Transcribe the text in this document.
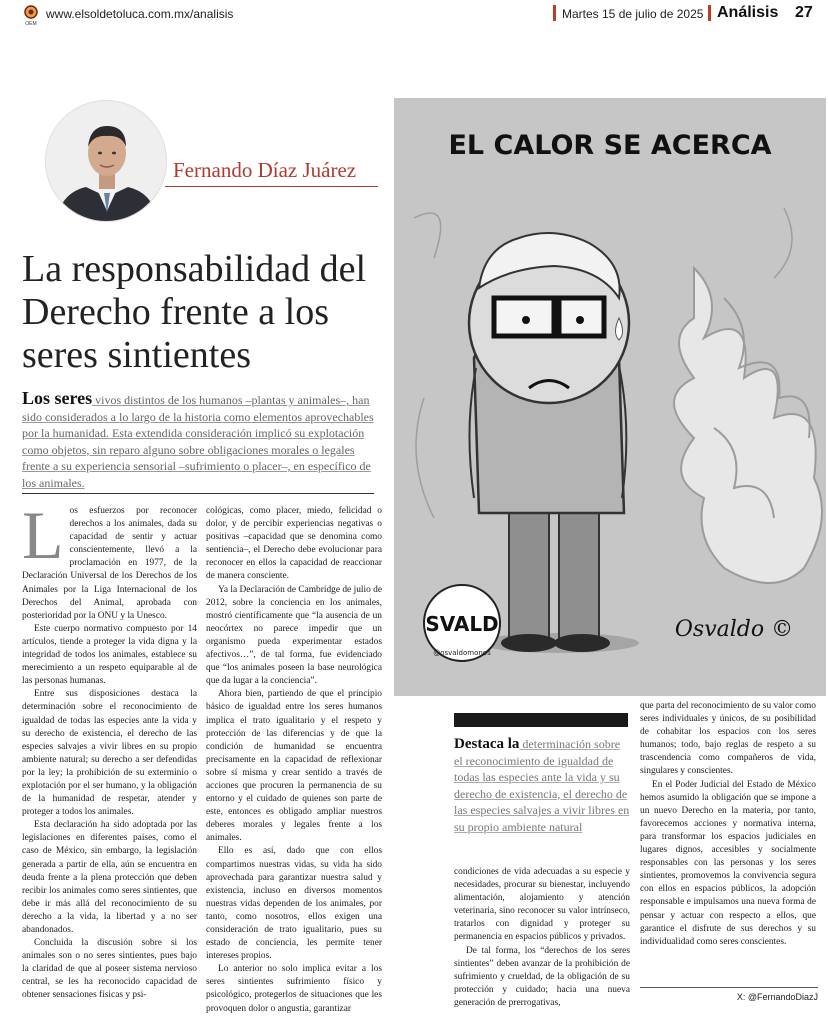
OEM
www.elsoldetoluca.com.mx/analisis	Martes 15 de julio de 2025 Análisis 27
Fernando Díaz Juárez
La responsabilidad del Derecho frente a los seres sintientes
Los seres vivos distintos de los humanos –plantas y animales–, han sido considerados a lo largo de la historia como elementos aprovechables por la humanidad. Esta extendida consideración implicó su explotación como objetos, sin reparo alguno sobre obligaciones morales o legales frente a su experiencia sensorial –sufrimiento o placer–, en específico de los animales.
L os esfuerzos por reconocer derechos a los animales, dada su capacidad de sentir y actuar conscientemente, llevó a la proclamación en 1977, de la Declaración Universal de los Derechos de los Animales por la Liga Internacional de los Derechos del Animal, aprobada con posterioridad por la ONU y la Unesco.

Este cuerpo normativo compuesto por 14 artículos, tiende a proteger la vida digna y la integridad de todos los animales, establece su merecimiento a un respeto equiparable al de las personas humanas.

Entre sus disposiciones destaca la determinación sobre el reconocimiento de igualdad de todas las especies ante la vida y su derecho de existencia, el derecho de las especies salvajes a vivir libres en su propio ambiente natural; su derecho a ser defendidas por la ley; la prohibición de su exterminio o explotación por el ser humano, y la obligación de la humanidad de respetar, atender y proteger a todos los animales.

Esta declaración ha sido adoptada por las legislaciones en diferentes países, como el caso de México, sin embargo, la legislación generada a partir de ella, aún se encuentra en deuda frente a la plena protección que deben recibir los animales como seres sintientes, que debe ir más allá del reconocimiento de su derecho a la vida, la libertad y a no ser abandonados.

Concluida la discusión sobre si los animales son o no seres sintientes, pues bajo la claridad de que al poseer sistema nervioso central, se les ha reconocido capacidad de obtener sensaciones físicas y psi-

cológicas, como placer, miedo, felicidad o dolor, y de percibir experiencias negativas o positivas –capacidad que se denomina como sentiencia–, el Derecho debe evolucionar para reconocer en ellos la capacidad de reaccionar de manera consciente.

Ya la Declaración de Cambridge de julio de 2012, sobre la conciencia en los animales, mostró científicamente que “la ausencia de un neocórtex no parece impedir que un organismo pueda experimentar estados afectivos…”, de tal forma, fue evidenciado que “los animales poseen la base neurológica que da lugar a la conciencia”.

Ahora bien, partiendo de que el principio básico de igualdad entre los seres humanos implica el trato igualitario y el respeto y protección de las diferencias y de que la condición de humanidad se encuentra precisamente en la capacidad de reflexionar sobre sí misma y crear sentido a través de acciones que procuren la permanencia de su entorno y el cuidado de quienes son parte de este, entonces es obligado ampliar nuestros deberes morales y legales frente a los animales.

Ello es así, dado que con ellos compartimos nuestras vidas, su vida ha sido aprovechada para garantizar nuestra salud y existencia, incluso en diversos momentos nuestras vidas dependen de los animales, por tanto, como nosotros, ellos exigen una consideración de trato igualitario, pues su estado de conciencia, les permite tener intereses propios.

Lo anterior no solo implica evitar a los seres sintientes sufrimiento físico y psicológico, protegerlos de situaciones que les provoquen dolor o angustia, garantizar

EL CALOR SE ACERCA
SVALD
@osvaldomonos
Osvaldo ©
Destaca la determinación sobre el reconocimiento de igualdad de todas las especies ante la vida y su derecho de existencia, el derecho de las especies salvajes a vivir libres en su propio ambiente natural

condiciones de vida adecuadas a su especie y necesidades, procurar su bienestar, incluyendo alimentación, alojamiento y atención veterinaria, sino reconocer su valor intrínseco, tratarlos con dignidad y proteger su permanencia en espacios públicos y privados.

De tal forma, los “derechos de los seres sintientes” deben avanzar de la prohibición de sufrimiento y crueldad, de la obligación de su protección y cuidado; hacia una nueva generación de prerrogativas,

que parta del reconocimiento de su valor como seres individuales y únicos, de su posibilidad de cohabitar los espacios con los seres humanos; todo, bajo reglas de respeto a su trascendencia como compañeros de vida, singulares y conscientes.

En el Poder Judicial del Estado de México hemos asumido la obligación que se impone a un nuevo Derecho en la materia, por tanto, favorecemos acciones y normativa interna, para transformar los espacios judiciales en lugares dignos, accesibles y socialmente responsables con las personas y los seres sintientes, promovemos la convivencia segura con ellos en espacios públicos, la adopción responsable e impulsamos una nueva forma de pensar y actuar con respecto a ellos, que garantice el disfrute de sus derechos y su individualidad como seres conscientes.

X: @FernandoDiazJ
